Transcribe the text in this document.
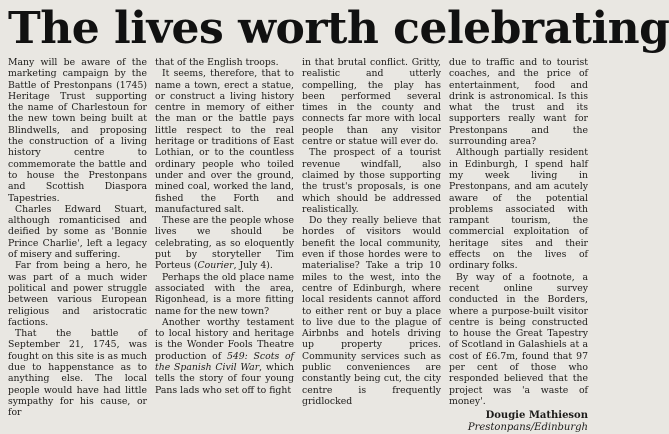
The lives worth celebrating

Many will be aware of the marketing campaign by the Battle of Prestonpans (1745) Heritage Trust supporting the name of Charlestoun for the new town being built at Blindwells, and proposing the construction of a living history centre to commemorate the battle and to house the Prestonpans and Scottish Diaspora Tapestries.

Charles Edward Stuart, although romanticised and deified by some as 'Bonnie Prince Charlie', left a legacy of misery and suffering.

Far from being a hero, he was part of a much wider political and power struggle between various European religious and aristocratic factions.

That the battle of September 21, 1745, was fought on this site is as much due to happenstance as to anything else. The local people would have had little sympathy for his cause, or for

that of the English troops.

It seems, therefore, that to name a town, erect a statue, or construct a living history centre in memory of either the man or the battle pays little respect to the real heritage or traditions of East Lothian, or to the countless ordinary people who toiled under and over the ground, mined coal, worked the land, fished the Forth and manufactured salt.

These are the people whose lives we should be celebrating, as so eloquently put by storyteller Tim Porteus (Courier, July 4).

Perhaps the old place name associated with the area, Rigonhead, is a more fitting name for the new town?

Another worthy testament to local history and heritage is the Wonder Fools Theatre production of 549: Scots of the Spanish Civil War, which tells the story of four young Pans lads who set off to fight

in that brutal conflict. Gritty, realistic and utterly compelling, the play has been performed several times in the county and connects far more with local people than any visitor centre or statue will ever do.

The prospect of a tourist revenue windfall, also claimed by those supporting the trust's proposals, is one which should be addressed realistically.

Do they really believe that hordes of visitors would benefit the local community, even if those hordes were to materialise? Take a trip 10 miles to the west, into the centre of Edinburgh, where local residents cannot afford to either rent or buy a place to live due to the plague of Airbnbs and hotels driving up property prices. Community services such as public conveniences are constantly being cut, the city centre is frequently gridlocked

due to traffic and to tourist coaches, and the price of entertainment, food and drink is astronomical. Is this what the trust and its supporters really want for Prestonpans and the surrounding area?

Although partially resident in Edinburgh, I spend half my week living in Prestonpans, and am acutely aware of the potential problems associated with rampant tourism, the commercial exploitation of heritage sites and their effects on the lives of ordinary folks.

By way of a footnote, a recent online survey conducted in the Borders, where a purpose-built visitor centre is being constructed to house the Great Tapestry of Scotland in Galashiels at a cost of £6.7m, found that 97 per cent of those who responded believed that the project was 'a waste of money'.

Dougie Mathieson
Prestonpans/Edinburgh
